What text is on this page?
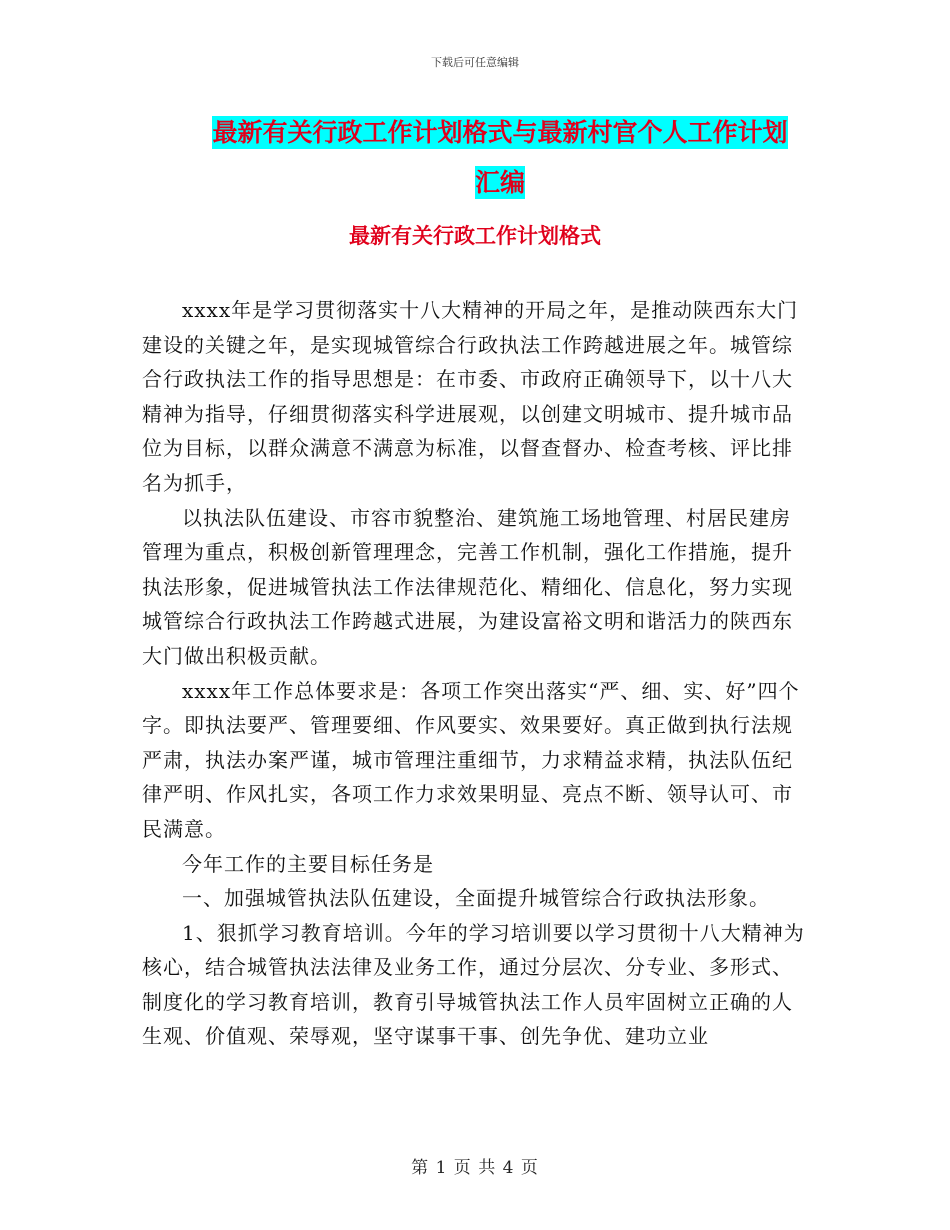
下载后可任意编辑
最新有关行政工作计划格式与最新村官个人工作计划
汇编
最新有关行政工作计划格式

xxxx年是学习贯彻落实十八大精神的开局之年，是推动陕西东大门建设的关键之年，是实现城管综合行政执法工作跨越进展之年。城管综合行政执法工作的指导思想是：在市委、市政府正确领导下，以十八大精神为指导，仔细贯彻落实科学进展观，以创建文明城市、提升城市品位为目标，以群众满意不满意为标准，以督查督办、检查考核、评比排名为抓手，

以执法队伍建设、市容市貌整治、建筑施工场地管理、村居民建房管理为重点，积极创新管理理念，完善工作机制，强化工作措施，提升执法形象，促进城管执法工作法律规范化、精细化、信息化，努力实现城管综合行政执法工作跨越式进展，为建设富裕文明和谐活力的陕西东大门做出积极贡献。

xxxx年工作总体要求是：各项工作突出落实“严、细、实、好”四个字。即执法要严、管理要细、作风要实、效果要好。真正做到执行法规严肃，执法办案严谨，城市管理注重细节，力求精益求精，执法队伍纪律严明、作风扎实，各项工作力求效果明显、亮点不断、领导认可、市民满意。

今年工作的主要目标任务是

一、加强城管执法队伍建设，全面提升城管综合行政执法形象。

1、狠抓学习教育培训。今年的学习培训要以学习贯彻十八大精神为核心，结合城管执法法律及业务工作，通过分层次、分专业、多形式、制度化的学习教育培训，教育引导城管执法工作人员牢固树立正确的人生观、价值观、荣辱观，坚守谋事干事、创先争优、建功立业

第 1 页 共 4 页
